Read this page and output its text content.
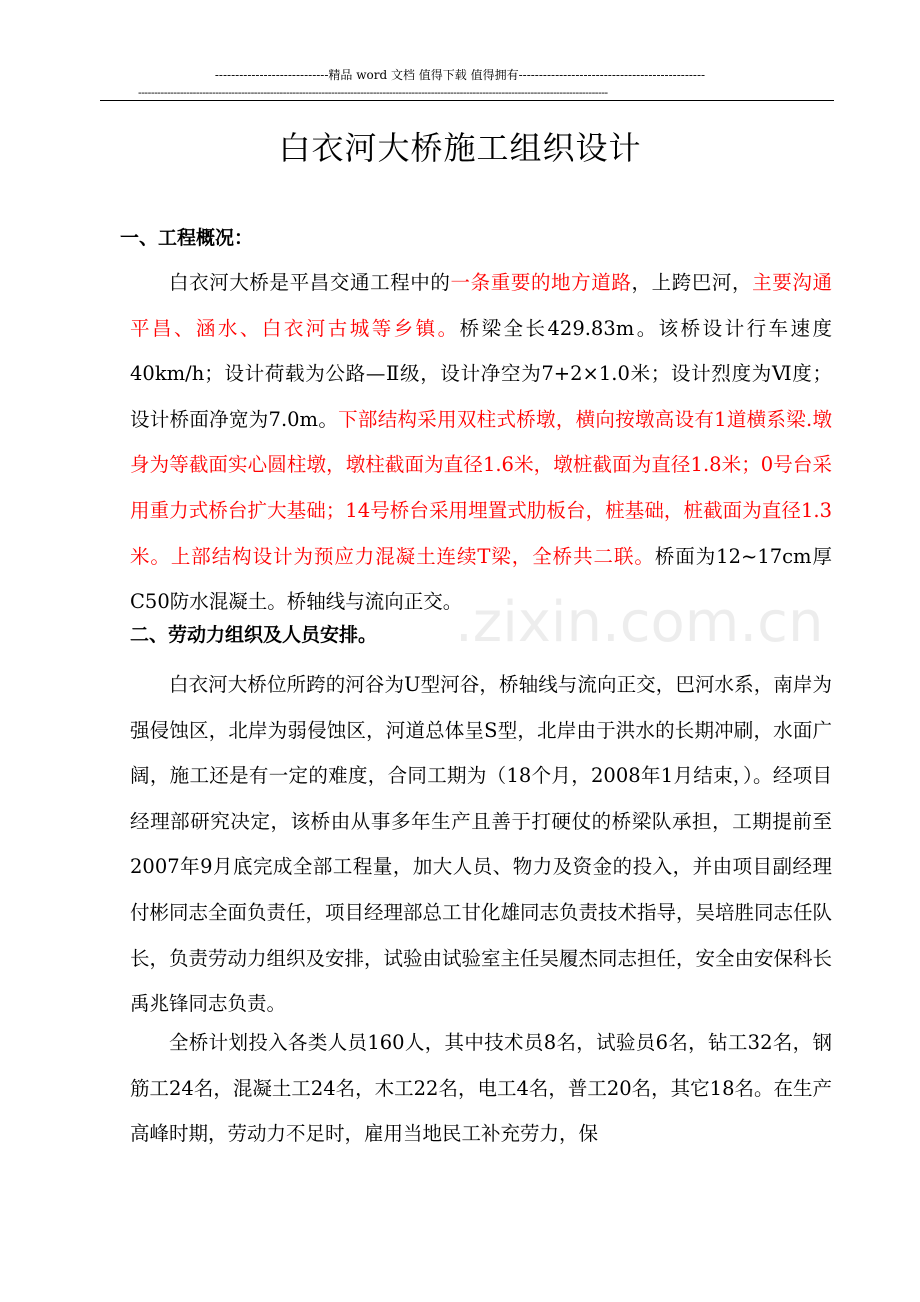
----------------------------精品 word 文档 值得下载 值得拥有----------------------------------------------
--------------------------------------------------------------------------------------------------------------------------------------------------
白衣河大桥施工组织设计
.zixin.com.cn
一、工程概况：

白衣河大桥是平昌交通工程中的一条重要的地方道路，上跨巴河，主要沟通平昌、涵水、白衣河古城等乡镇。桥梁全长429.83m。该桥设计行车速度40km/h；设计荷载为公路—Ⅱ级，设计净空为7+2×1.0米；设计烈度为Ⅵ度；设计桥面净宽为7.0m。下部结构采用双柱式桥墩，横向按墩高设有1道横系梁.墩身为等截面实心圆柱墩，墩柱截面为直径1.6米，墩桩截面为直径1.8米；0号台采用重力式桥台扩大基础；14号桥台采用埋置式肋板台，桩基础，桩截面为直径1.3米。上部结构设计为预应力混凝土连续T梁，全桥共二联。桥面为12~17cm厚C50防水混凝土。桥轴线与流向正交。

二、劳动力组织及人员安排。

白衣河大桥位所跨的河谷为U型河谷，桥轴线与流向正交，巴河水系，南岸为强侵蚀区，北岸为弱侵蚀区，河道总体呈S型，北岸由于洪水的长期冲刷，水面广阔，施工还是有一定的难度，合同工期为（18个月，2008年1月结束，）。经项目经理部研究决定，该桥由从事多年生产且善于打硬仗的桥梁队承担，工期提前至2007年9月底完成全部工程量，加大人员、物力及资金的投入，并由项目副经理付彬同志全面负责任，项目经理部总工甘化雄同志负责技术指导，吴培胜同志任队长，负责劳动力组织及安排，试验由试验室主任吴履杰同志担任，安全由安保科长禹兆锋同志负责。

全桥计划投入各类人员160人，其中技术员8名，试验员6名，钻工32名，钢筋工24名，混凝土工24名，木工22名，电工4名，普工20名，其它18名。在生产高峰时期，劳动力不足时，雇用当地民工补充劳力，保
